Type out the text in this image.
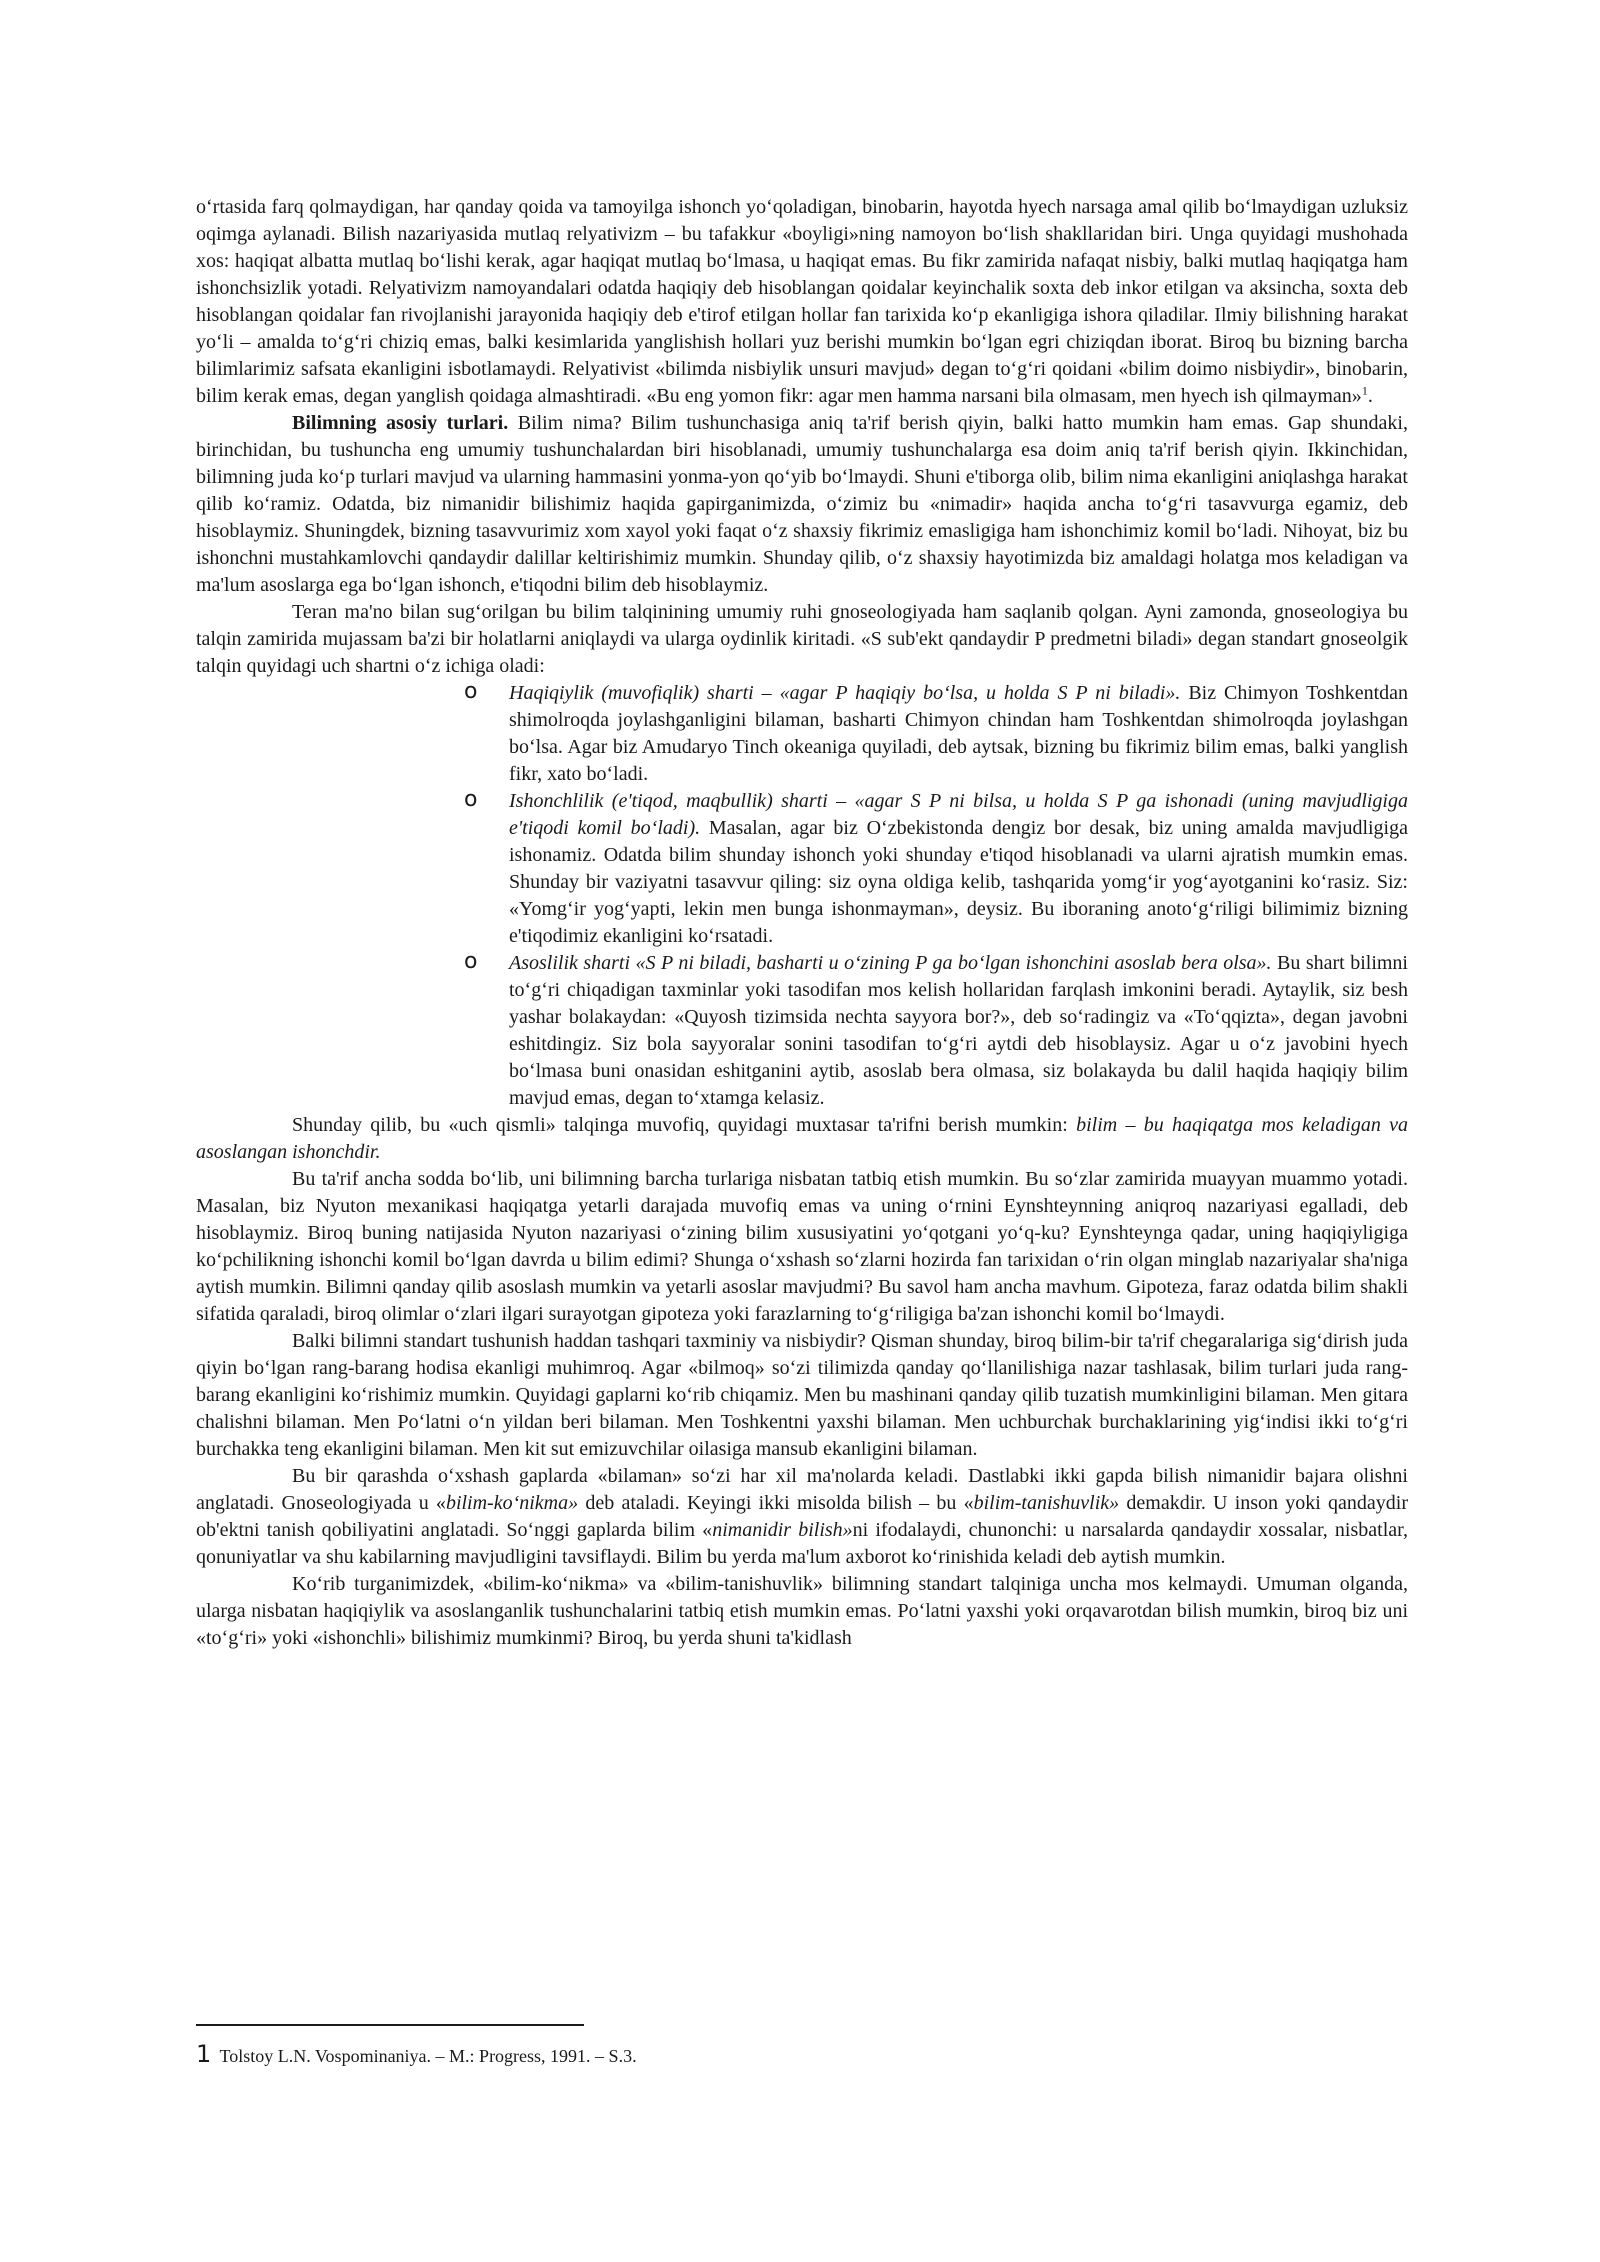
o‘rtasida farq qolmaydigan, har qanday qoida va tamoyilga ishonch yo‘qoladigan, binobarin, hayotda hyech narsaga amal qilib bo‘lmaydigan uzluksiz oqimga aylanadi. Bilish nazariyasida mutlaq relyativizm – bu tafakkur «boyligi»ning namoyon bo‘lish shakllaridan biri. Unga quyidagi mushohada xos: haqiqat albatta mutlaq bo‘lishi kerak, agar haqiqat mutlaq bo‘lmasa, u haqiqat emas. Bu fikr zamirida nafaqat nisbiy, balki mutlaq haqiqatga ham ishonchsizlik yotadi. Relyativizm namoyandalari odatda haqiqiy deb hisoblangan qoidalar keyinchalik soxta deb inkor etilgan va aksincha, soxta deb hisoblangan qoidalar fan rivojlanishi jarayonida haqiqiy deb e'tirof etilgan hollar fan tarixida ko‘p ekanligiga ishora qiladilar. Ilmiy bilishning harakat yo‘li – amalda to‘g‘ri chiziq emas, balki kesimlarida yanglishish hollari yuz berishi mumkin bo‘lgan egri chiziqdan iborat. Biroq bu bizning barcha bilimlarimiz safsata ekanligini isbotlamaydi. Relyativist «bilimda nisbiylik unsuri mavjud» degan to‘g‘ri qoidani «bilim doimo nisbiydir», binobarin, bilim kerak emas, degan yanglish qoidaga almashtiradi. «Bu eng yomon fikr: agar men hamma narsani bila olmasam, men hyech ish qilmayman»$^1$.

Bilimning asosiy turlari. Bilim nima? Bilim tushunchasiga aniq ta'rif berish qiyin, balki hatto mumkin ham emas. Gap shundaki, birinchidan, bu tushuncha eng umumiy tushunchalardan biri hisoblanadi, umumiy tushunchalarga esa doim aniq ta'rif berish qiyin. Ikkinchidan, bilimning juda ko‘p turlari mavjud va ularning hammasini yonma-yon qo‘yib bo‘lmaydi. Shuni e'tiborga olib, bilim nima ekanligini aniqlashga harakat qilib ko‘ramiz. Odatda, biz nimanidir bilishimiz haqida gapirganimizda, o‘zimiz bu «nimadir» haqida ancha to‘g‘ri tasavvurga egamiz, deb hisoblaymiz. Shuningdek, bizning tasavvurimiz xom xayol yoki faqat o‘z shaxsiy fikrimiz emasligiga ham ishonchimiz komil bo‘ladi. Nihoyat, biz bu ishonchni mustahkamlovchi qandaydir dalillar keltirishimiz mumkin. Shunday qilib, o‘z shaxsiy hayotimizda biz amaldagi holatga mos keladigan va ma'lum asoslarga ega bo‘lgan ishonch, e'tiqodni bilim deb hisoblaymiz.

Teran ma'no bilan sug‘orilgan bu bilim talqinining umumiy ruhi gnoseologiyada ham saqlanib qolgan. Ayni zamonda, gnoseologiya bu talqin zamirida mujassam ba'zi bir holatlarni aniqlaydi va ularga oydinlik kiritadi. «S sub'ekt qandaydir P predmetni biladi» degan standart gnoseolgik talqin quyidagi uch shartni o‘z ichiga oladi:

o Haqiqiylik (muvofiqlik) sharti – «agar P haqiqiy bo‘lsa, u holda S P ni biladi». Biz Chimyon Toshkentdan shimolroqda joylashganligini bilaman, basharti Chimyon chindan ham Toshkentdan shimolroqda joylashgan bo‘lsa. Agar biz Amudaryo Tinch okeaniga quyiladi, deb aytsak, bizning bu fikrimiz bilim emas, balki yanglish fikr, xato bo‘ladi.
o Ishonchlilik (e'tiqod, maqbullik) sharti – «agar S P ni bilsa, u holda S P ga ishonadi (uning mavjudligiga e'tiqodi komil bo‘ladi). Masalan, agar biz O‘zbekistonda dengiz bor desak, biz uning amalda mavjudligiga ishonamiz. Odatda bilim shunday ishonch yoki shunday e'tiqod hisoblanadi va ularni ajratish mumkin emas. Shunday bir vaziyatni tasavvur qiling: siz oyna oldiga kelib, tashqarida yomg‘ir yog‘ayotganini ko‘rasiz. Siz: «Yomg‘ir yog‘yapti, lekin men bunga ishonmayman», deysiz. Bu iboraning anoto‘g‘riligi bilimimiz bizning e'tiqodimiz ekanligini ko‘rsatadi.
o Asoslilik sharti «S P ni biladi, basharti u o‘zining P ga bo‘lgan ishonchini asoslab bera olsa». Bu shart bilimni to‘g‘ri chiqadigan taxminlar yoki tasodifan mos kelish hollaridan farqlash imkonini beradi. Aytaylik, siz besh yashar bolakaydan: «Quyosh tizimsida nechta sayyora bor?», deb so‘radingiz va «To‘qqizta», degan javobni eshitdingiz. Siz bola sayyoralar sonini tasodifan to‘g‘ri aytdi deb hisoblaysiz. Agar u o‘z javobini hyech bo‘lmasa buni onasidan eshitganini aytib, asoslab bera olmasa, siz bolakayda bu dalil haqida haqiqiy bilim mavjud emas, degan to‘xtamga kelasiz.

Shunday qilib, bu «uch qismli» talqinga muvofiq, quyidagi muxtasar ta'rifni berish mumkin: bilim – bu haqiqatga mos keladigan va asoslangan ishonchdir.

Bu ta'rif ancha sodda bo‘lib, uni bilimning barcha turlariga nisbatan tatbiq etish mumkin. Bu so‘zlar zamirida muayyan muammo yotadi. Masalan, biz Nyuton mexanikasi haqiqatga yetarli darajada muvofiq emas va uning o‘rnini Eynshteynning aniqroq nazariyasi egalladi, deb hisoblaymiz. Biroq buning natijasida Nyuton nazariyasi o‘zining bilim xususiyatini yo‘qotgani yo‘q-ku? Eynshteynga qadar, uning haqiqiyligiga ko‘pchilikning ishonchi komil bo‘lgan davrda u bilim edimi? Shunga o‘xshash so‘zlarni hozirda fan tarixidan o‘rin olgan minglab nazariyalar sha'niga aytish mumkin. Bilimni qanday qilib asoslash mumkin va yetarli asoslar mavjudmi? Bu savol ham ancha mavhum. Gipoteza, faraz odatda bilim shakli sifatida qaraladi, biroq olimlar o‘zlari ilgari surayotgan gipoteza yoki farazlarning to‘g‘riligiga ba'zan ishonchi komil bo‘lmaydi.

Balki bilimni standart tushunish haddan tashqari taxminiy va nisbiydir? Qisman shunday, biroq bilim-bir ta'rif chegaralariga sig‘dirish juda qiyin bo‘lgan rang-barang hodisa ekanligi muhimroq. Agar «bilmoq» so‘zi tilimizda qanday qo‘llanilishiga nazar tashlasak, bilim turlari juda rang-barang ekanligini ko‘rishimiz mumkin. Quyidagi gaplarni ko‘rib chiqamiz. Men bu mashinani qanday qilib tuzatish mumkinligini bilaman. Men gitara chalishni bilaman. Men Po‘latni o‘n yildan beri bilaman. Men Toshkentni yaxshi bilaman. Men uchburchak burchaklarining yig‘indisi ikki to‘g‘ri burchakka teng ekanligini bilaman. Men kit sut emizuvchilar oilasiga mansub ekanligini bilaman.

Bu bir qarashda o‘xshash gaplarda «bilaman» so‘zi har xil ma'nolarda keladi. Dastlabki ikki gapda bilish nimanidir bajara olishni anglatadi. Gnoseologiyada u «bilim-ko‘nikma» deb ataladi. Keyingi ikki misolda bilish – bu «bilim-tanishuvlik» demakdir. U inson yoki qandaydir ob'ektni tanish qobiliyatini anglatadi. So‘nggi gaplarda bilim «nimanidir bilish»ni ifodalaydi, chunonchi: u narsalarda qandaydir xossalar, nisbatlar, qonuniyatlar va shu kabilarning mavjudligini tavsiflaydi. Bilim bu yerda ma'lum axborot ko‘rinishida keladi deb aytish mumkin.

Ko‘rib turganimizdek, «bilim-ko‘nikma» va «bilim-tanishuvlik» bilimning standart talqiniga uncha mos kelmaydi. Umuman olganda, ularga nisbatan haqiqiylik va asoslanganlik tushunchalarini tatbiq etish mumkin emas. Po‘latni yaxshi yoki orqavarotdan bilish mumkin, biroq biz uni «to‘g‘ri» yoki «ishonchli» bilishimiz mumkinmi? Biroq, bu yerda shuni ta'kidlash

1 Tolstoy L.N. Vospominaniya. – M.: Progress, 1991. – S.3.
